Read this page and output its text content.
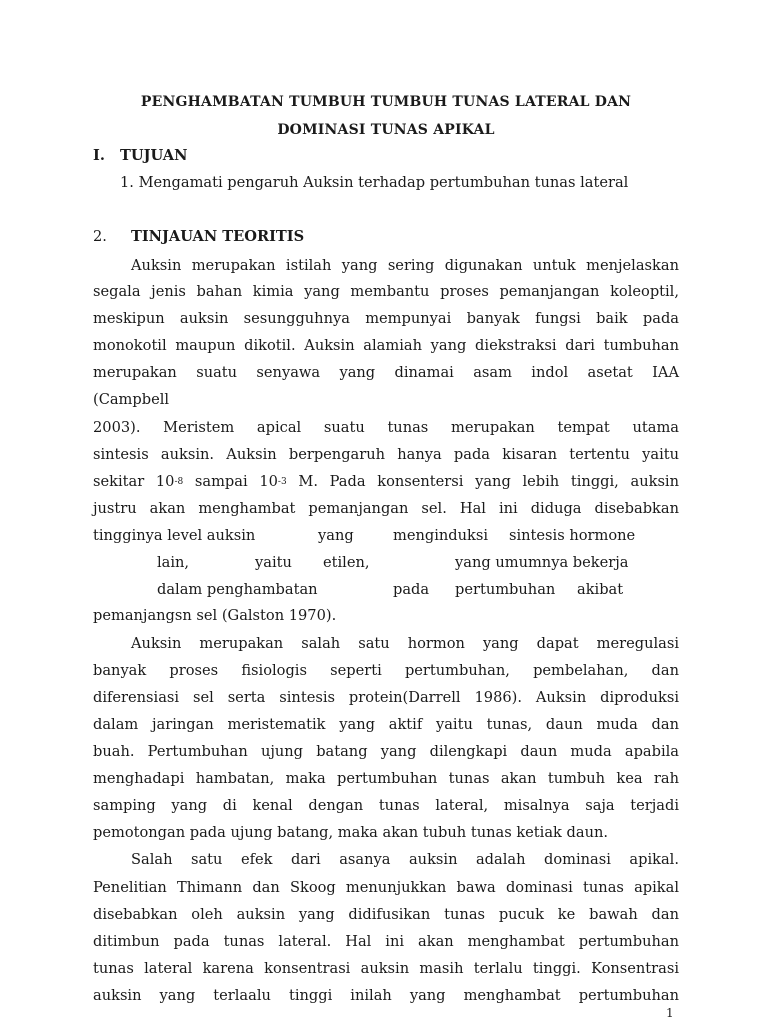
PENGHAMBATAN TUMBUH TUMBUH TUNAS LATERAL DAN
DOMINASI TUNAS APIKAL
I. TUJUAN
1. Mengamati pengaruh Auksin terhadap pertumbuhan tunas lateral
2. TINJAUAN TEORITIS
Auksin merupakan istilah yang sering digunakan untuk menjelaskan
segala jenis bahan kimia yang membantu proses pemanjangan koleoptil,
meskipun auksin sesungguhnya mempunyai banyak fungsi baik pada
monokotil maupun dikotil. Auksin alamiah yang diekstraksi dari tumbuhan
merupakan suatu senyawa yang dinamai asam indol asetat IAA
(Campbell
2003). Meristem apical suatu tunas merupakan tempat utama
sintesis auksin. Auksin berpengaruh hanya pada kisaran tertentu yaitu
sekitar $10^{-8}$ sampai $10^{-3}$ M. Pada konsentersi yang lebih tinggi, auksin
justru akan menghambat pemanjangan sel. Hal ini diduga disebabkan
tingginya level auksin	yang	menginduksi sintesis hormone
lain,	yaitu etilen,	yang umumnya bekerja
dalam penghambatan	pada pertumbuhan akibat
pemanjangsn sel (Galston 1970).
Auksin merupakan salah satu hormon yang dapat meregulasi
banyak proses fisiologis seperti pertumbuhan, pembelahan, dan
diferensiasi sel serta sintesis protein(Darrell 1986). Auksin diproduksi
dalam jaringan meristematik yang aktif yaitu tunas, daun muda dan
buah. Pertumbuhan ujung batang yang dilengkapi daun muda apabila
menghadapi hambatan, maka pertumbuhan tunas akan tumbuh kea rah
samping yang di kenal dengan tunas lateral, misalnya saja terjadi
pemotongan pada ujung batang, maka akan tubuh tunas ketiak daun.
Salah satu efek dari asanya auksin adalah dominasi apikal.
Penelitian Thimann dan Skoog menunjukkan bawa dominasi tunas apikal
disebabkan oleh auksin yang didifusikan tunas pucuk ke bawah dan
ditimbun pada tunas lateral. Hal ini akan menghambat pertumbuhan
tunas lateral karena konsentrasi auksin masih terlalu tinggi. Konsentrasi
auksin yang terlaalu tinggi inilah yang menghambat pertumbuhan
1
